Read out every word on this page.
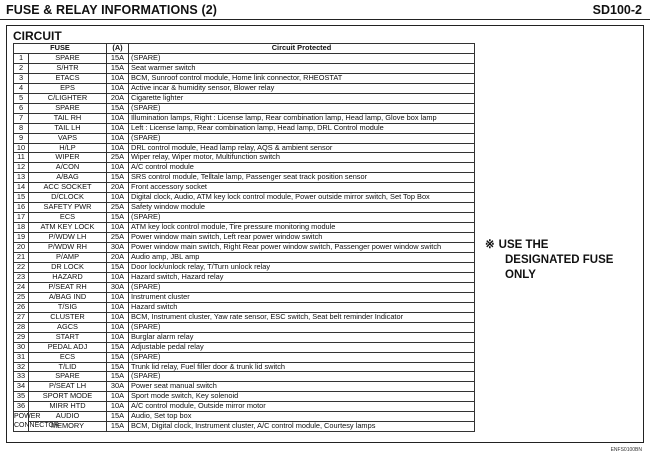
FUSE & RELAY INFORMATIONS (2)	SD100-2
CIRCUIT
FUSE		(A)	Circuit Protected
1	SPARE	15A	(SPARE)
2	S/HTR	15A	Seat warmer switch
3	ETACS	10A	BCM, Sunroof control module, Home link connector, RHEOSTAT
4	EPS	10A	Active incar & humidity sensor, Blower relay
5	C/LIGHTER	20A	Cigarette lighter
6	SPARE	15A	(SPARE)
7	TAIL RH	10A	Illumination lamps, Right : License lamp, Rear combination lamp, Head lamp, Glove box lamp
8	TAIL LH	10A	Left : License lamp, Rear combination lamp, Head lamp, DRL Control module
9	VAPS	10A	(SPARE)
10	H/LP	10A	DRL control module, Head lamp relay, AQS & ambient sensor
11	WIPER	25A	Wiper relay, Wiper motor, Multifunction switch
12	A/CON	10A	A/C control module
13	A/BAG	15A	SRS control module, Telltale lamp, Passenger seat track position sensor
14	ACC SOCKET	20A	Front accessory socket
15	D/CLOCK	10A	Digital clock, Audio, ATM key lock control module, Power outside mirror switch, Set Top Box
16	SAFETY PWR	25A	Safety window module
17	ECS	15A	(SPARE)
18	ATM KEY LOCK	10A	ATM key lock control module, Tire pressure monitoring module
19	P/WDW LH	25A	Power window main switch, Left rear power window switch
20	P/WDW RH	30A	Power window main switch, Right Rear power window switch, Passenger power window switch
21	P/AMP	20A	Audio amp, JBL amp
22	DR LOCK	15A	Door lock/unlock relay, T/Turn unlock relay
23	HAZARD	10A	Hazard switch, Hazard relay
24	P/SEAT RH	30A	(SPARE)
25	A/BAG IND	10A	Instrument cluster
26	T/SIG	10A	Hazard switch
27	CLUSTER	10A	BCM, Instrument cluster, Yaw rate sensor, ESC switch, Seat belt reminder Indicator
28	AGCS	10A	(SPARE)
29	START	10A	Burglar alarm relay
30	PEDAL ADJ	15A	Adjustable pedal relay
31	ECS	15A	(SPARE)
32	T/LID	15A	Trunk lid relay, Fuel filler door & trunk lid switch
33	SPARE	15A	(SPARE)
34	P/SEAT LH	30A	Power seat manual switch
35	SPORT MODE	10A	Sport mode switch, Key solenoid
36	MIRR HTD	10A	A/C control module, Outside mirror motor

POWER
CONNECTOR	AUDIO	15A	Audio, Set top box
	MEMORY	15A	BCM, Digital clock, Instrument cluster, A/C control module, Courtesy lamps
※ USE THE
DESIGNATED FUSE
ONLY
ENFS0100BN
